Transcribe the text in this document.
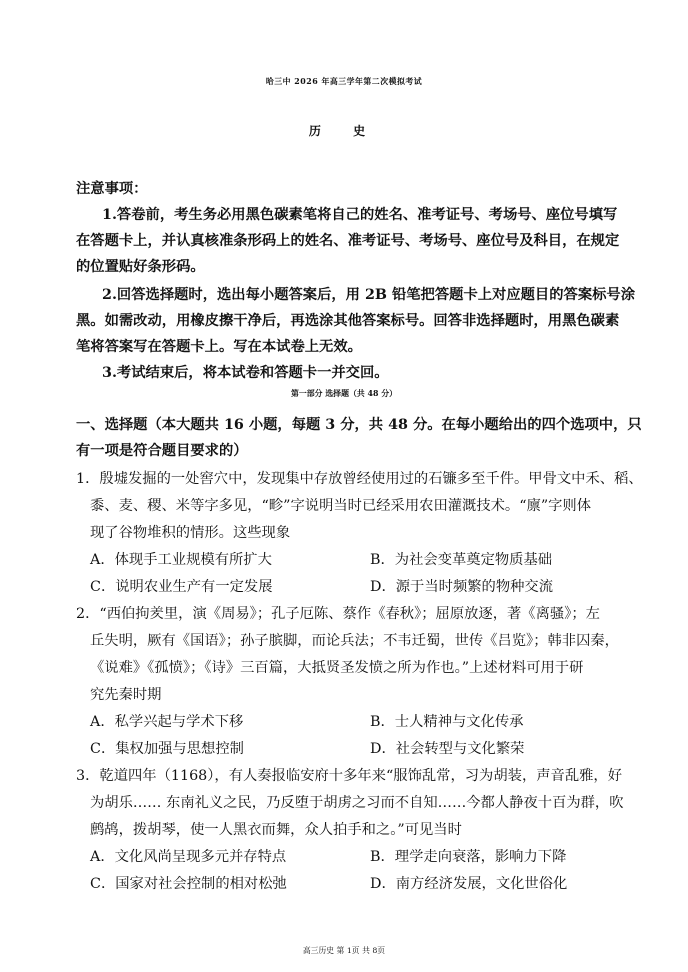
哈三中 2026 年高三学年第二次模拟考试
历 史
注意事项：
1.答卷前，考生务必用黑色碳素笔将自己的姓名、准考证号、考场号、座位号填写
在答题卡上，并认真核准条形码上的姓名、准考证号、考场号、座位号及科目，在规定
的位置贴好条形码。
2.回答选择题时，选出每小题答案后，用 2B 铅笔把答题卡上对应题目的答案标号涂
黑。如需改动，用橡皮擦干净后，再选涂其他答案标号。回答非选择题时，用黑色碳素
笔将答案写在答题卡上。写在本试卷上无效。
3.考试结束后，将本试卷和答题卡一并交回。
第一部分 选择题（共 48 分）
一、选择题（本大题共 16 小题，每题 3 分，共 48 分。在每小题给出的四个选项中，只
有一项是符合题目要求的）
1．殷墟发掘的一处窖穴中，发现集中存放曾经使用过的石镰多至千件。甲骨文中禾、稻、
黍、麦、稷、米等字多见，“畛”字说明当时已经采用农田灌溉技术。“廪”字则体
现了谷物堆积的情形。这些现象
A．体现手工业规模有所扩大	B．为社会变革奠定物质基础
C．说明农业生产有一定发展	D．源于当时频繁的物种交流
2．“西伯拘羑里，演《周易》；孔子厄陈、蔡作《春秋》；屈原放逐，著《离骚》；左
丘失明，厥有《国语》；孙子膑脚，而论兵法；不韦迁蜀，世传《吕览》；韩非囚秦，
《说难》《孤愤》；《诗》三百篇，大抵贤圣发愤之所为作也。”上述材料可用于研
究先秦时期
A．私学兴起与学术下移	B．士人精神与文化传承
C．集权加强与思想控制	D．社会转型与文化繁荣
3．乾道四年（1168），有人奏报临安府十多年来“服饰乱常，习为胡装，声音乱雅，好
为胡乐…… 东南礼义之民，乃反堕于胡虏之习而不自知……今都人静夜十百为群，吹
鹧鸪，拨胡琴，使一人黑衣而舞，众人拍手和之。”可见当时
A．文化风尚呈现多元并存特点	B．理学走向衰落，影响力下降
C．国家对社会控制的相对松弛	D．南方经济发展，文化世俗化
高三历史 第 1页 共 8页
